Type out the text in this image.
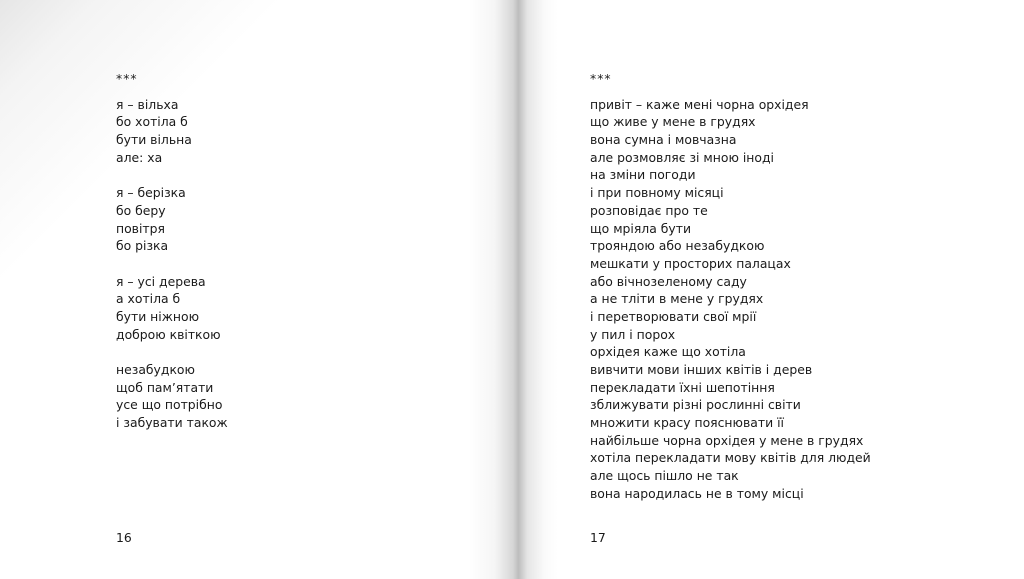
***
я – вільха
бо хотіла б
бути вільна
але: ха
я – берізка
бо беру
повітря
бо різка
я – усі дерева
а хотіла б
бути ніжною
доброю квіткою
незабудкою
щоб пам’ятати
усе що потрібно
і забувати також
16
***
привіт – каже мені чорна орхідея
що живе у мене в грудях
вона сумна і мовчазна
але розмовляє зі мною іноді
на зміни погоди
і при повному місяці
розповідає про те
що мріяла бути
трояндою або незабудкою
мешкати у просторих палацах
або вічнозеленому саду
а не тліти в мене у грудях
і перетворювати свої мрії
у пил і порох
орхідея каже що хотіла
вивчити мови інших квітів і дерев
перекладати їхні шепотіння
зближувати різні рослинні світи
множити красу пояснювати її
найбільше чорна орхідея у мене в грудях
хотіла перекладати мову квітів для людей
але щось пішло не так
вона народилась не в тому місці
17
